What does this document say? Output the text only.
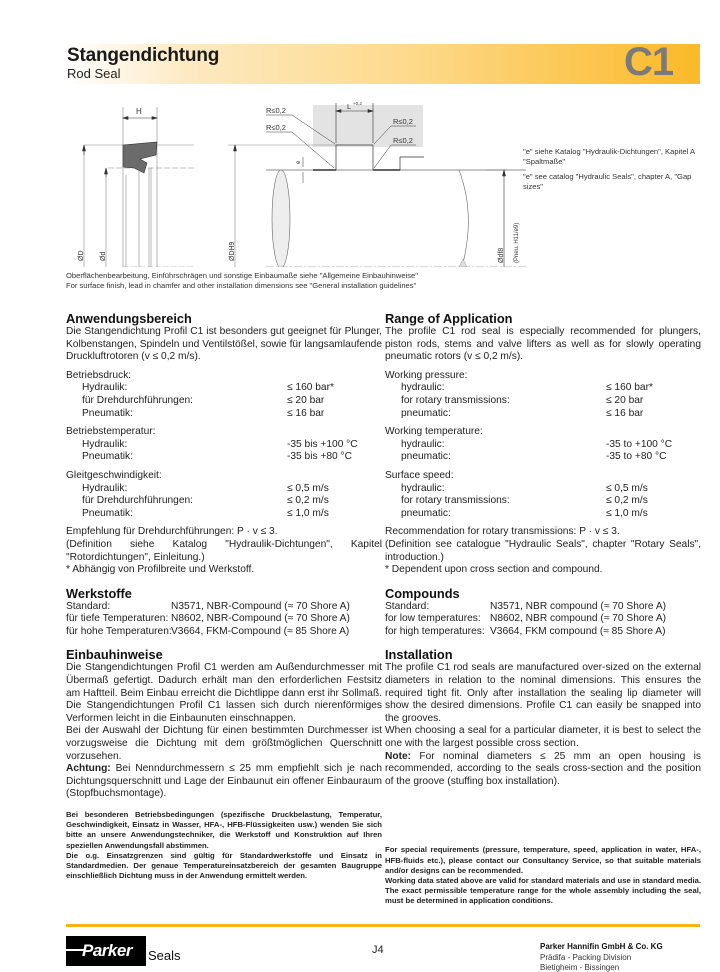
Stangendichtung
Rod Seal	C1
H
ØD Ød
L +0,2
R≤0,2
R≤0,2
R≤0,2
R≤0,2
e
ØDH9	Ødf8 (Pneu. H11/e9)

"e" siehe Katalog "Hydraulik-Dichtungen", Kapitel A "Spaltmaße"

"e" see catalog "Hydraulic Seals", chapter A, "Gap sizes"

Oberflächenbearbeitung, Einführschrägen und sonstige Einbaumaße siehe "Allgemeine Einbauhinweise"
For surface finish, lead in chamfer and other installation dimensions see "General installation guidelines"
Anwendungsbereich
Die Stangendichtung Profil C1 ist besonders gut geeignet für Plunger, Kolbenstangen, Spindeln und Ventilstößel, sowie für langsamlaufende Druckluftrotoren (v ≤ 0,2 m/s).
Betriebsdruck:
Hydraulik:	≤ 160 bar*
für Drehdurchführungen:	≤ 20 bar
Pneumatik:	≤ 16 bar
Betriebstemperatur:
Hydraulik:	-35 bis +100 °C
Pneumatik:	-35 bis +80 °C
Gleitgeschwindigkeit:
Hydraulik:	≤ 0,5 m/s
für Drehdurchführungen:	≤ 0,2 m/s
Pneumatik:	≤ 1,0 m/s
Empfehlung für Drehdurchführungen: P · v ≤ 3.
(Definition siehe Katalog "Hydraulik-Dichtungen", Kapitel "Rotordichtungen", Einleitung.)
* Abhängig von Profilbreite und Werkstoff.
Werkstoffe
Standard:	N3571, NBR-Compound (≈ 70 Shore A)
für tiefe Temperaturen: N8602, NBR-Compound (≈ 70 Shore A)
für hohe Temperaturen: V3664, FKM-Compound (≈ 85 Shore A)
Einbauhinweise
Die Stangendichtungen Profil C1 werden am Außendurchmesser mit Übermaß gefertigt. Dadurch erhält man den erforderlichen Festsitz am Haftteil. Beim Einbau erreicht die Dichtlippe dann erst ihr Sollmaß. Die Stangendichtungen Profil C1 lassen sich durch nierenförmiges Verformen leicht in die Einbaunuten einschnappen.
Bei der Auswahl der Dichtung für einen bestimmten Durchmesser ist vorzugsweise die Dichtung mit dem größtmöglichen Querschnitt vorzusehen.
Achtung: Bei Nenndurchmessern ≤ 25 mm empfiehlt sich je nach Dichtungsquerschnitt und Lage der Einbaunut ein offener Einbauraum (Stopfbuchsmontage).
Bei besonderen Betriebsbedingungen (spezifische Druckbelastung, Temperatur, Geschwindigkeit, Einsatz in Wasser, HFA-, HFB-Flüssigkeiten usw.) wenden Sie sich bitte an unsere Anwendungstechniker, die Werkstoff und Konstruktion auf Ihren speziellen Anwendungsfall abstimmen.
Die o.g. Einsatzgrenzen sind gültig für Standardwerkstoffe und Einsatz in Standardmedien. Der genaue Temperatureinsatzbereich der gesamten Baugruppe einschließlich Dichtung muss in der Anwendung ermittelt werden.
Range of Application
The profile C1 rod seal is especially recommended for plungers, piston rods, stems and valve lifters as well as for slowly operating pneumatic rotors (v ≤ 0,2 m/s).
Working pressure:
hydraulic:	≤ 160 bar*
for rotary transmissions:	≤ 20 bar
pneumatic:	≤ 16 bar
Working temperature:
hydraulic:	-35 to +100 °C
pneumatic:	-35 to +80 °C
Surface speed:
hydraulic:	≤ 0,5 m/s
for rotary transmissions:	≤ 0,2 m/s
pneumatic:	≤ 1,0 m/s
Recommendation for rotary transmissions: P · v ≤ 3.
(Definition see catalogue "Hydraulic Seals", chapter "Rotary Seals", introduction.)
* Dependent upon cross section and compound.
Compounds
Standard:	N3571, NBR compound (≈ 70 Shore A)
for low temperatures: N8602, NBR compound (≈ 70 Shore A)
for high temperatures: V3664, FKM compound (≈ 85 Shore A)
Installation
The profile C1 rod seals are manufactured over-sized on the external diameters in relation to the nominal dimensions. This ensures the required tight fit. Only after installation the sealing lip diameter will show the desired dimensions. Profile C1 can easily be snapped into the grooves.
When choosing a seal for a particular diameter, it is best to select the one with the largest possible cross section.
Note: For nominal diameters ≤ 25 mm an open housing is recommended, according to the seals cross-section and the position of the groove (stuffing box installation).
For special requirements (pressure, temperature, speed, application in water, HFA-, HFB-fluids etc.), please contact our Consultancy Service, so that suitable materials and/or designs can be recommended.
Working data stated above are valid for standard materials and use in standard media. The exact permissible temperature range for the whole assembly including the seal, must be determined in application conditions.
Parker Seals	J4	Parker Hannifin GmbH & Co. KG
Prädifa - Packing Division
Bietigheim - Bissingen
